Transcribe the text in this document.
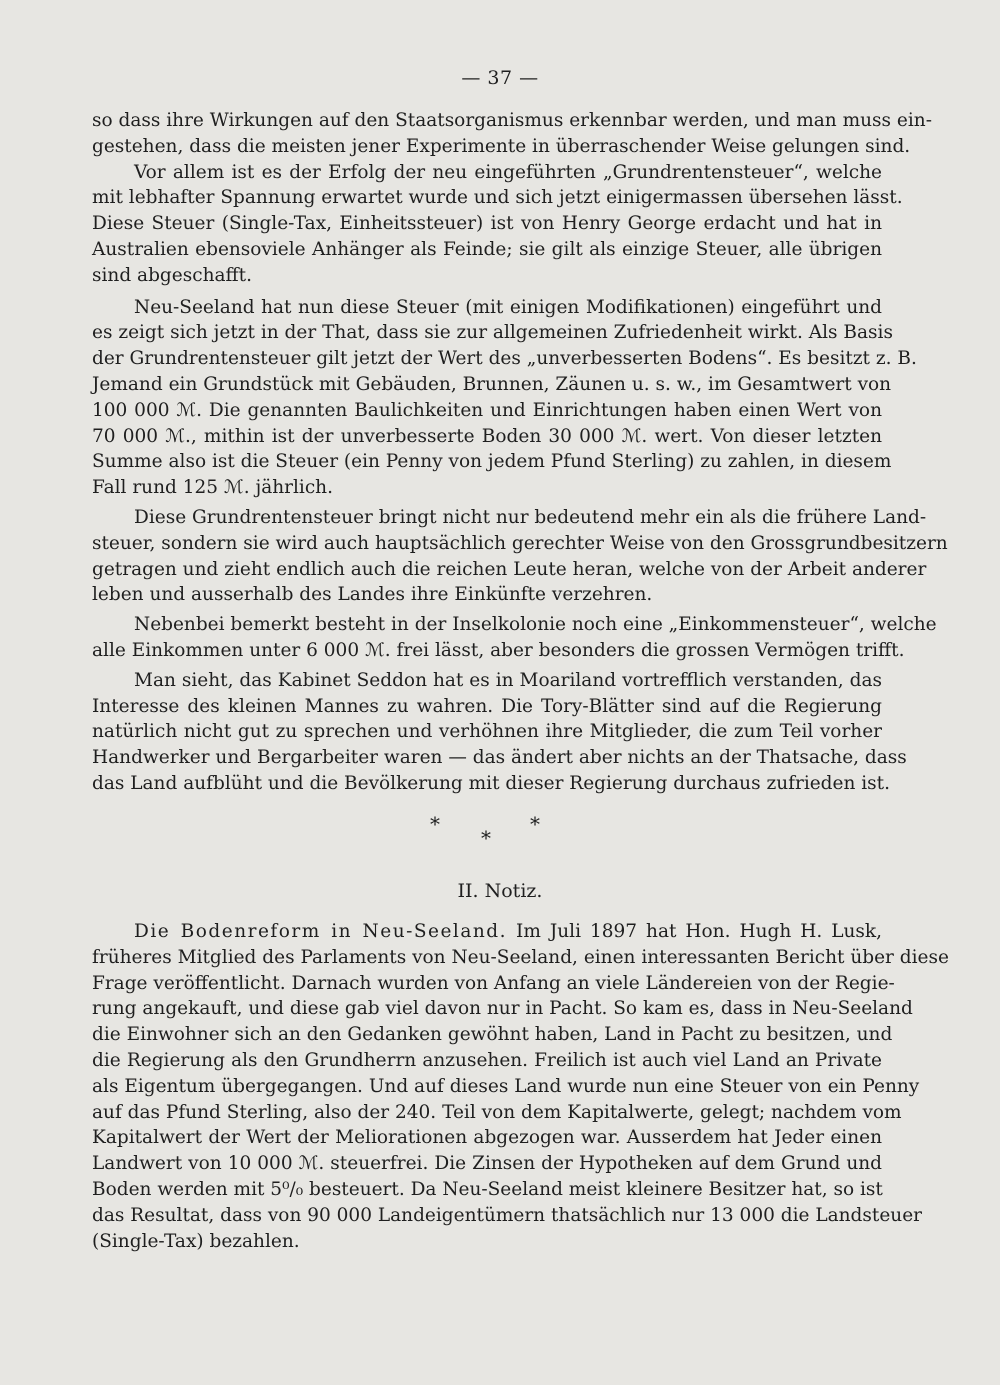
— 37 —

so dass ihre Wirkungen auf den Staatsorganismus erkennbar werden, und man muss ein-
gestehen, dass die meisten jener Experimente in überraschender Weise gelungen sind.

Vor allem ist es der Erfolg der neu eingeführten „Grundrentensteuer“, welche
mit lebhafter Spannung erwartet wurde und sich jetzt einigermassen übersehen lässt.
Diese Steuer (Single-Tax, Einheitssteuer) ist von Henry George erdacht und hat in
Australien ebensoviele Anhänger als Feinde; sie gilt als einzige Steuer, alle übrigen
sind abgeschafft.

Neu-Seeland hat nun diese Steuer (mit einigen Modifikationen) eingeführt und
es zeigt sich jetzt in der That, dass sie zur allgemeinen Zufriedenheit wirkt. Als Basis
der Grundrentensteuer gilt jetzt der Wert des „unverbesserten Bodens“. Es besitzt z. B.
Jemand ein Grundstück mit Gebäuden, Brunnen, Zäunen u. s. w., im Gesamtwert von
100 000 ℳ. Die genannten Baulichkeiten und Einrichtungen haben einen Wert von
70 000 ℳ., mithin ist der unverbesserte Boden 30 000 ℳ. wert. Von dieser letzten
Summe also ist die Steuer (ein Penny von jedem Pfund Sterling) zu zahlen, in diesem
Fall rund 125 ℳ. jährlich.

Diese Grundrentensteuer bringt nicht nur bedeutend mehr ein als die frühere Land-
steuer, sondern sie wird auch hauptsächlich gerechter Weise von den Grossgrundbesitzern
getragen und zieht endlich auch die reichen Leute heran, welche von der Arbeit anderer
leben und ausserhalb des Landes ihre Einkünfte verzehren.

Nebenbei bemerkt besteht in der Inselkolonie noch eine „Einkommensteuer“, welche
alle Einkommen unter 6 000 ℳ. frei lässt, aber besonders die grossen Vermögen trifft.

Man sieht, das Kabinet Seddon hat es in Moariland vortrefflich verstanden, das
Interesse des kleinen Mannes zu wahren. Die Tory-Blätter sind auf die Regierung
natürlich nicht gut zu sprechen und verhöhnen ihre Mitglieder, die zum Teil vorher
Handwerker und Bergarbeiter waren — das ändert aber nichts an der Thatsache, dass
das Land aufblüht und die Bevölkerung mit dieser Regierung durchaus zufrieden ist.

*
*
*
II. Notiz.

Die Bodenreform in Neu-Seeland. Im Juli 1897 hat Hon. Hugh H. Lusk,
früheres Mitglied des Parlaments von Neu-Seeland, einen interessanten Bericht über diese
Frage veröffentlicht. Darnach wurden von Anfang an viele Ländereien von der Regie-
rung angekauft, und diese gab viel davon nur in Pacht. So kam es, dass in Neu-Seeland
die Einwohner sich an den Gedanken gewöhnt haben, Land in Pacht zu besitzen, und
die Regierung als den Grundherrn anzusehen. Freilich ist auch viel Land an Private
als Eigentum übergegangen. Und auf dieses Land wurde nun eine Steuer von ein Penny
auf das Pfund Sterling, also der 240. Teil von dem Kapitalwerte, gelegt; nachdem vom
Kapitalwert der Wert der Meliorationen abgezogen war. Ausserdem hat Jeder einen
Landwert von 10 000 ℳ. steuerfrei. Die Zinsen der Hypotheken auf dem Grund und
Boden werden mit 5⁰/₀ besteuert. Da Neu-Seeland meist kleinere Besitzer hat, so ist
das Resultat, dass von 90 000 Landeigentümern thatsächlich nur 13 000 die Landsteuer
(Single-Tax) bezahlen.
